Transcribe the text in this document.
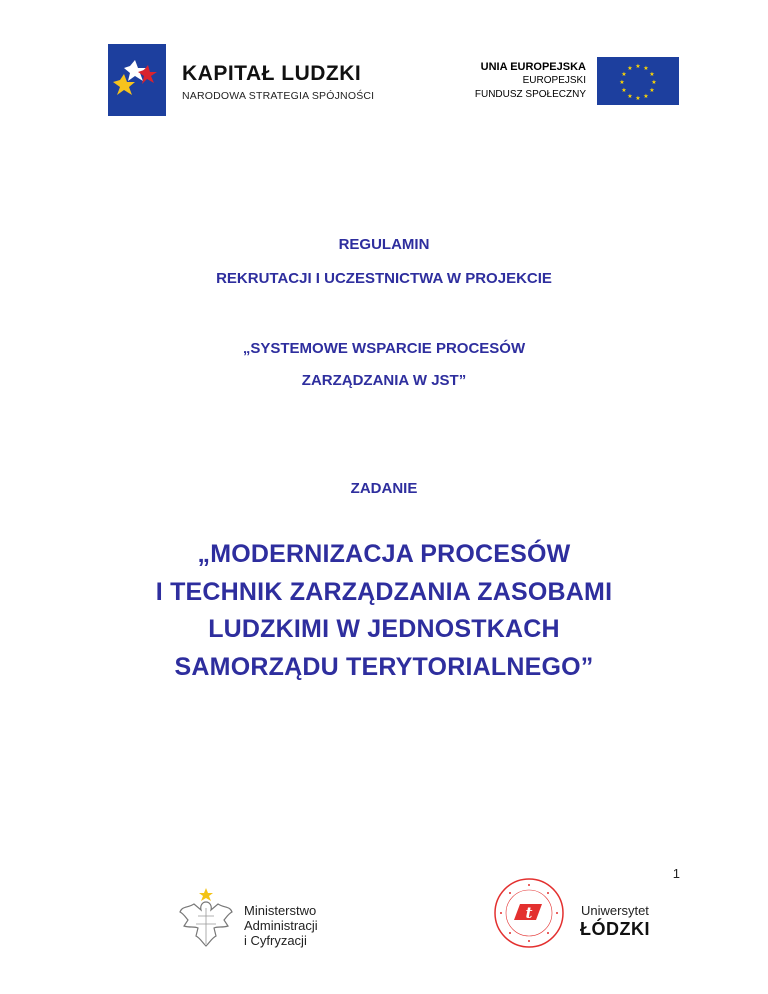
KAPITAŁ LUDZKI
NARODOWA STRATEGIA SPÓJNOŚCI
UNIA EUROPEJSKA
EUROPEJSKI
FUNDUSZ SPOŁECZNY
★ ★
★
★
★
★
★
★
★
★
★
★
REGULAMIN
REKRUTACJI I UCZESTNICTWA W PROJEKCIE
„SYSTEMOWE WSPARCIE PROCESÓW
ZARZĄDZANIA W JST”
ZADANIE
„MODERNIZACJA PROCESÓW
I TECHNIK ZARZĄDZANIA ZASOBAMI
LUDZKIMI W JEDNOSTKACH
SAMORZĄDU TERYTORIALNEGO”
1
Ministerstwo
Administracji
i Cyfryzacji
t	Uniwersytet
ŁÓDZKI
